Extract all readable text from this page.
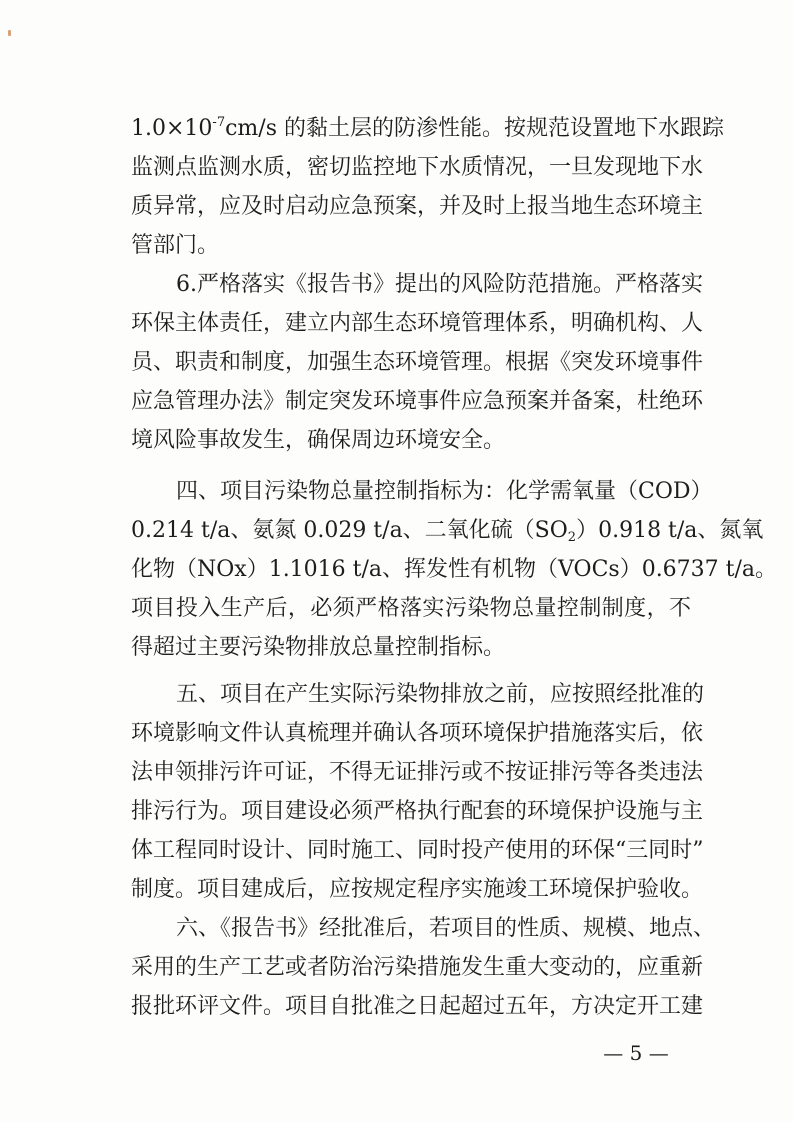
$1.0\times 10^{-7}cm/s$ 的黏土层的防渗性能。按规范设置地下水跟踪
监测点监测水质，密切监控地下水质情况，一旦发现地下水
质异常，应及时启动应急预案，并及时上报当地生态环境主
管部门。
6.严格落实《报告书》提出的风险防范措施。严格落实
环保主体责任，建立内部生态环境管理体系，明确机构、人
员、职责和制度，加强生态环境管理。根据《突发环境事件
应急管理办法》制定突发环境事件应急预案并备案，杜绝环
境风险事故发生，确保周边环境安全。
四、项目污染物总量控制指标为：化学需氧量（COD）
0.214 t/a、氨氮 0.029 t/a、二氧化硫$(SO_2)0.918$ t/a、氮氧
化物（NOx）1.1016 t/a、挥发性有机物（VOCs）0.6737 t/a。
项目投入生产后，必须严格落实污染物总量控制制度，不
得超过主要污染物排放总量控制指标。
五、项目在产生实际污染物排放之前，应按照经批准的
环境影响文件认真梳理并确认各项环境保护措施落实后，依
法申领排污许可证，不得无证排污或不按证排污等各类违法
排污行为。项目建设必须严格执行配套的环境保护设施与主
体工程同时设计、同时施工、同时投产使用的环保“三同时”
制度。项目建成后，应按规定程序实施竣工环境保护验收。
六、《报告书》经批准后，若项目的性质、规模、地点、
采用的生产工艺或者防治污染措施发生重大变动的，应重新
报批环评文件。项目自批准之日起超过五年，方决定开工建
— 5 —
